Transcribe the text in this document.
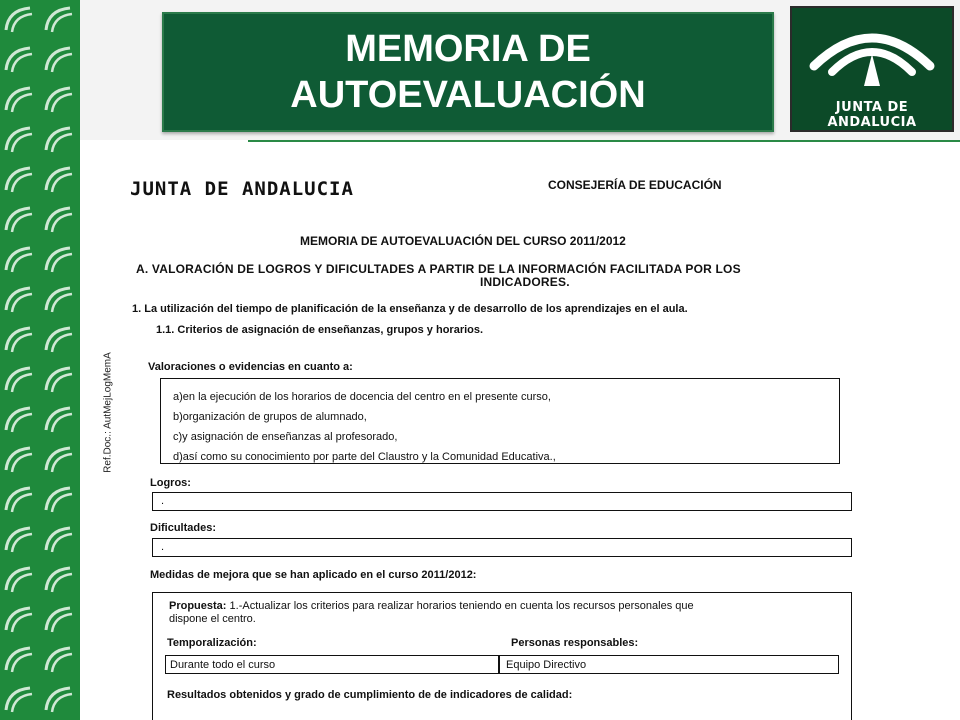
MEMORIA DE AUTOEVALUACIÓN	JUNTA DE ANDALUCIA
JUNTA DE ANDALUCIA	CONSEJERÍA DE EDUCACIÓN
MEMORIA DE AUTOEVALUACIÓN DEL CURSO 2011/2012
A. VALORACIÓN DE LOGROS Y DIFICULTADES A PARTIR DE LA INFORMACIÓN FACILITADA POR LOS
INDICADORES.
1. La utilización del tiempo de planificación de la enseñanza y de desarrollo de los aprendizajes en el aula.
1.1. Criterios de asignación de enseñanzas, grupos y horarios.
Ref.Doc.: AutMejLogMemA	Valoraciones o evidencias en cuanto a:
a)en la ejecución de los horarios de docencia del centro en el presente curso,
b)organización de grupos de alumnado,
c)y asignación de enseñanzas al profesorado,
d)así como su conocimiento por parte del Claustro y la Comunidad Educativa.,
Logros:
.
Dificultades:
.
Medidas de mejora que se han aplicado en el curso 2011/2012:
Propuesta: 1.-Actualizar los criterios para realizar horarios teniendo en cuenta los recursos personales que
dispone el centro.
Temporalización:	Personas responsables:
Durante todo el curso	Equipo Directivo
Resultados obtenidos y grado de cumplimiento de de indicadores de calidad:
